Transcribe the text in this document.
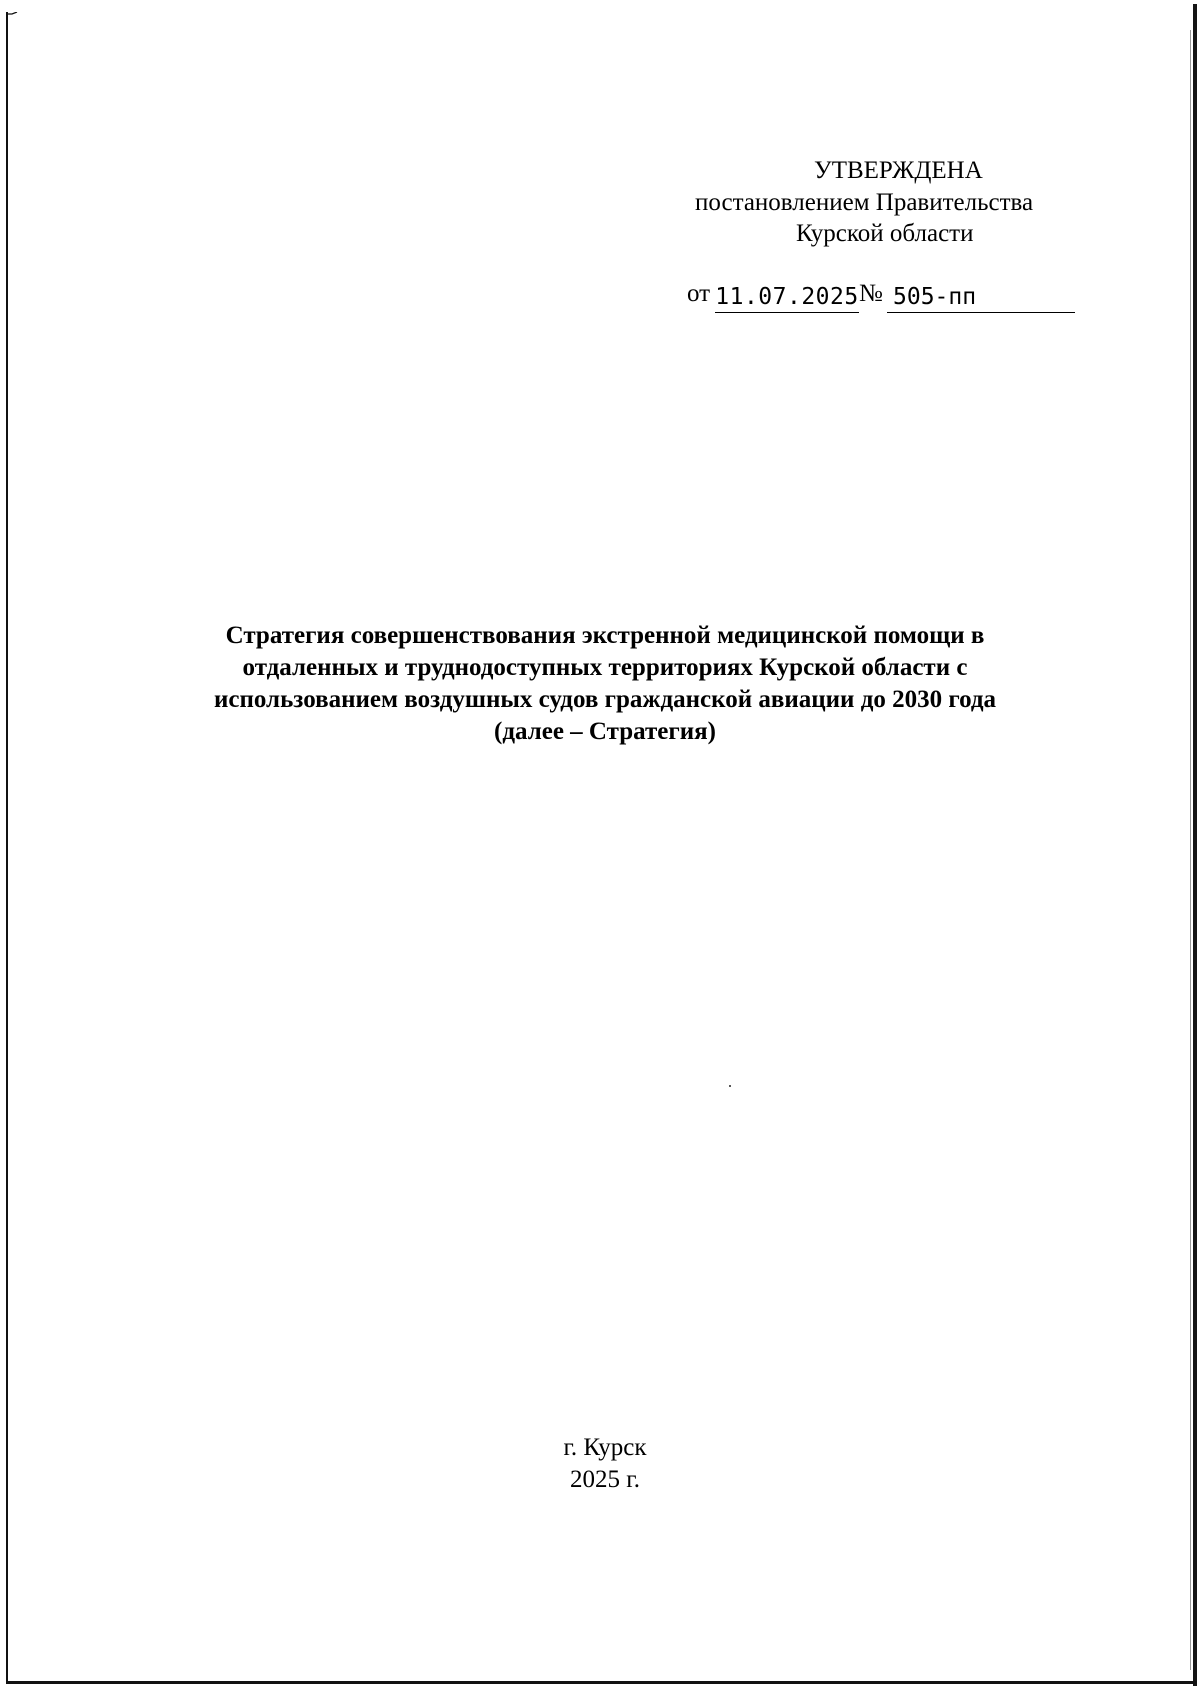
УТВЕРЖДЕНА
постановлением Правительства
Курской области
от 11.07.2025 № 505-пп
Стратегия совершенствования экстренной медицинской помощи в
отдаленных и труднодоступных территориях Курской области с
использованием воздушных судов гражданской авиации до 2030 года
(далее – Стратегия)
г. Курск
2025 г.
